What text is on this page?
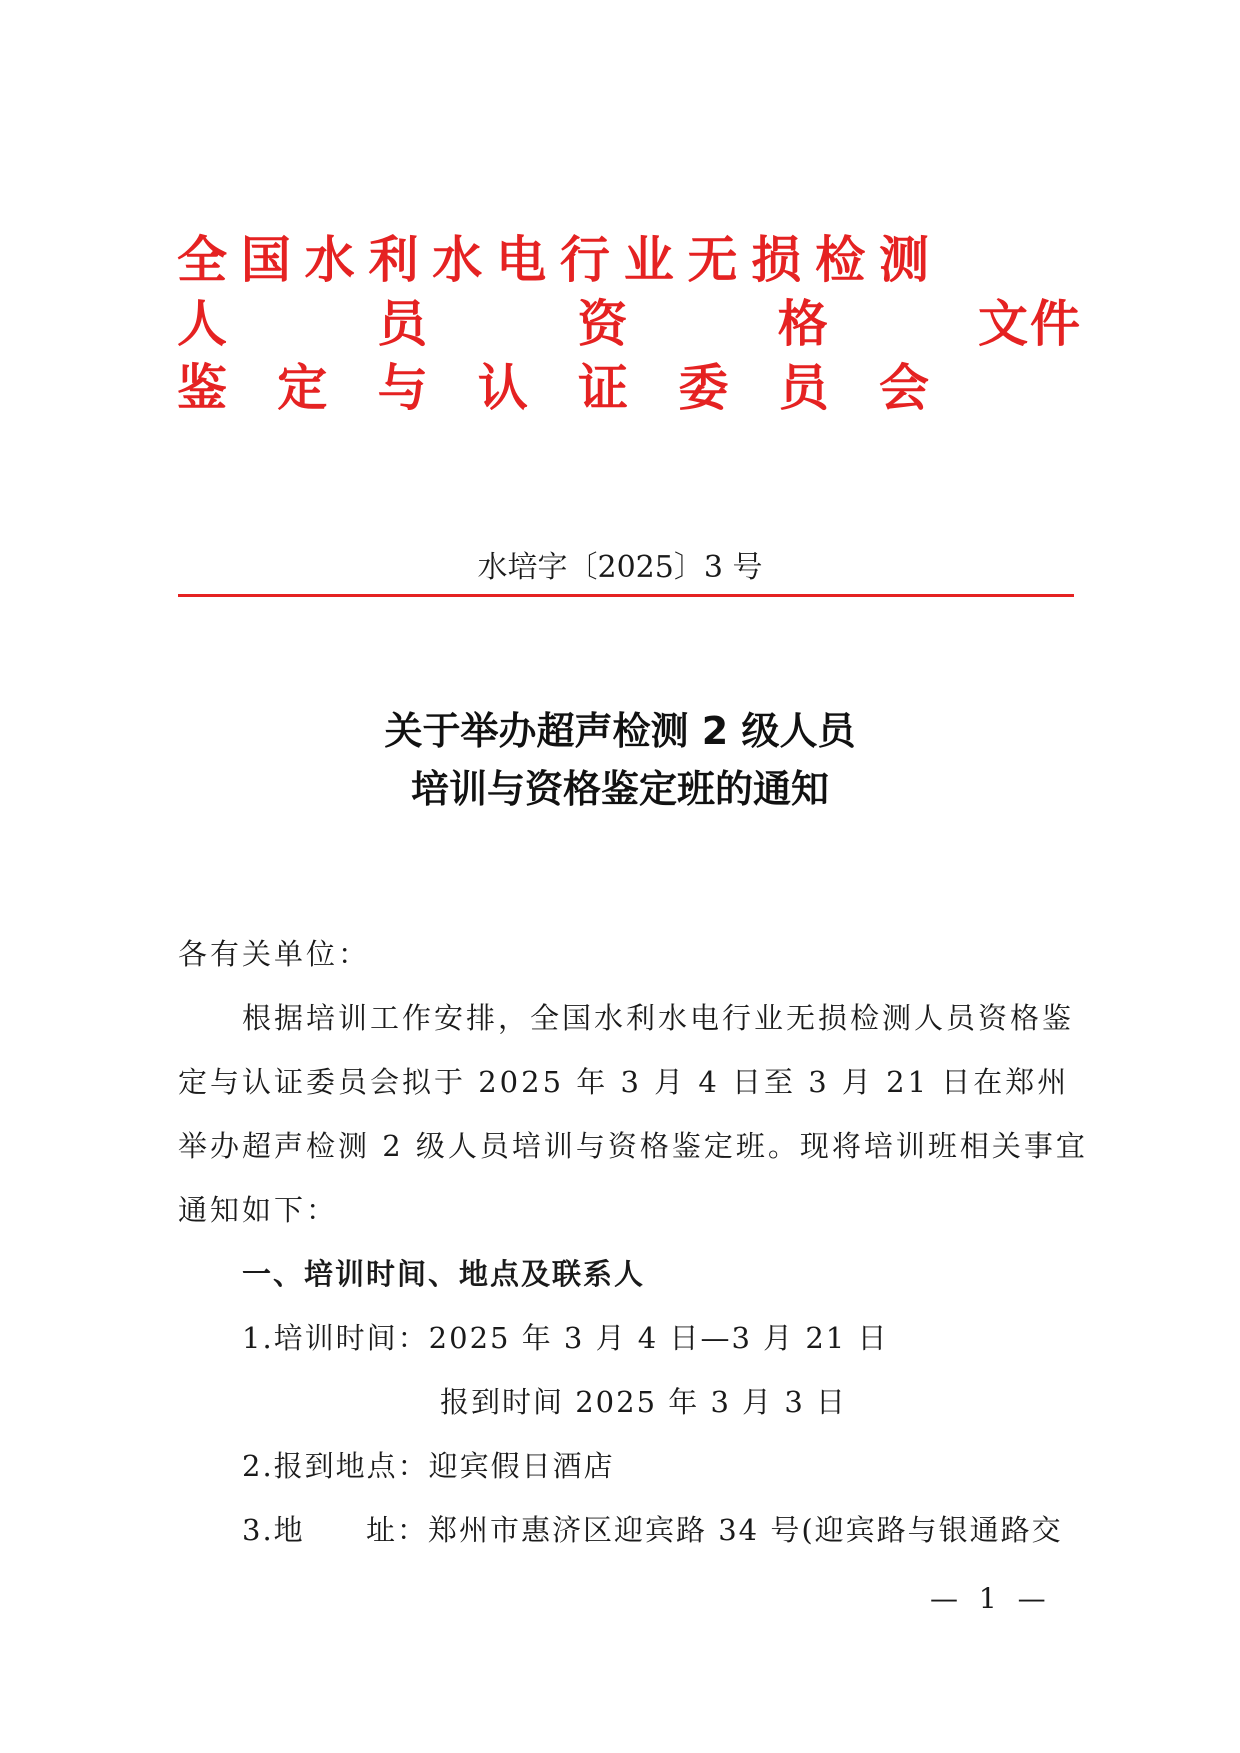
全 国 水 利 水 电 行 业 无 损 检 测
人	员	资	格	文件
鉴 定 与 认 证 委 员 会
水培字〔2025〕3 号
关于举办超声检测 2 级人员
培训与资格鉴定班的通知

各有关单位：

根据培训工作安排，全国水利水电行业无损检测人员资格鉴定与认证委员会拟于 2025 年 3 月 4 日至 3 月 21 日在郑州举办超声检测 2 级人员培训与资格鉴定班。现将培训班相关事宜通知如下：

一、培训时间、地点及联系人

1.培训时间：2025 年 3 月 4 日—3 月 21 日

报到时间 2025 年 3 月 3 日

2.报到地点：迎宾假日酒店

3.地 址： 郑州市惠济区迎宾路 34 号(迎宾路与银通路交

— 1 —
